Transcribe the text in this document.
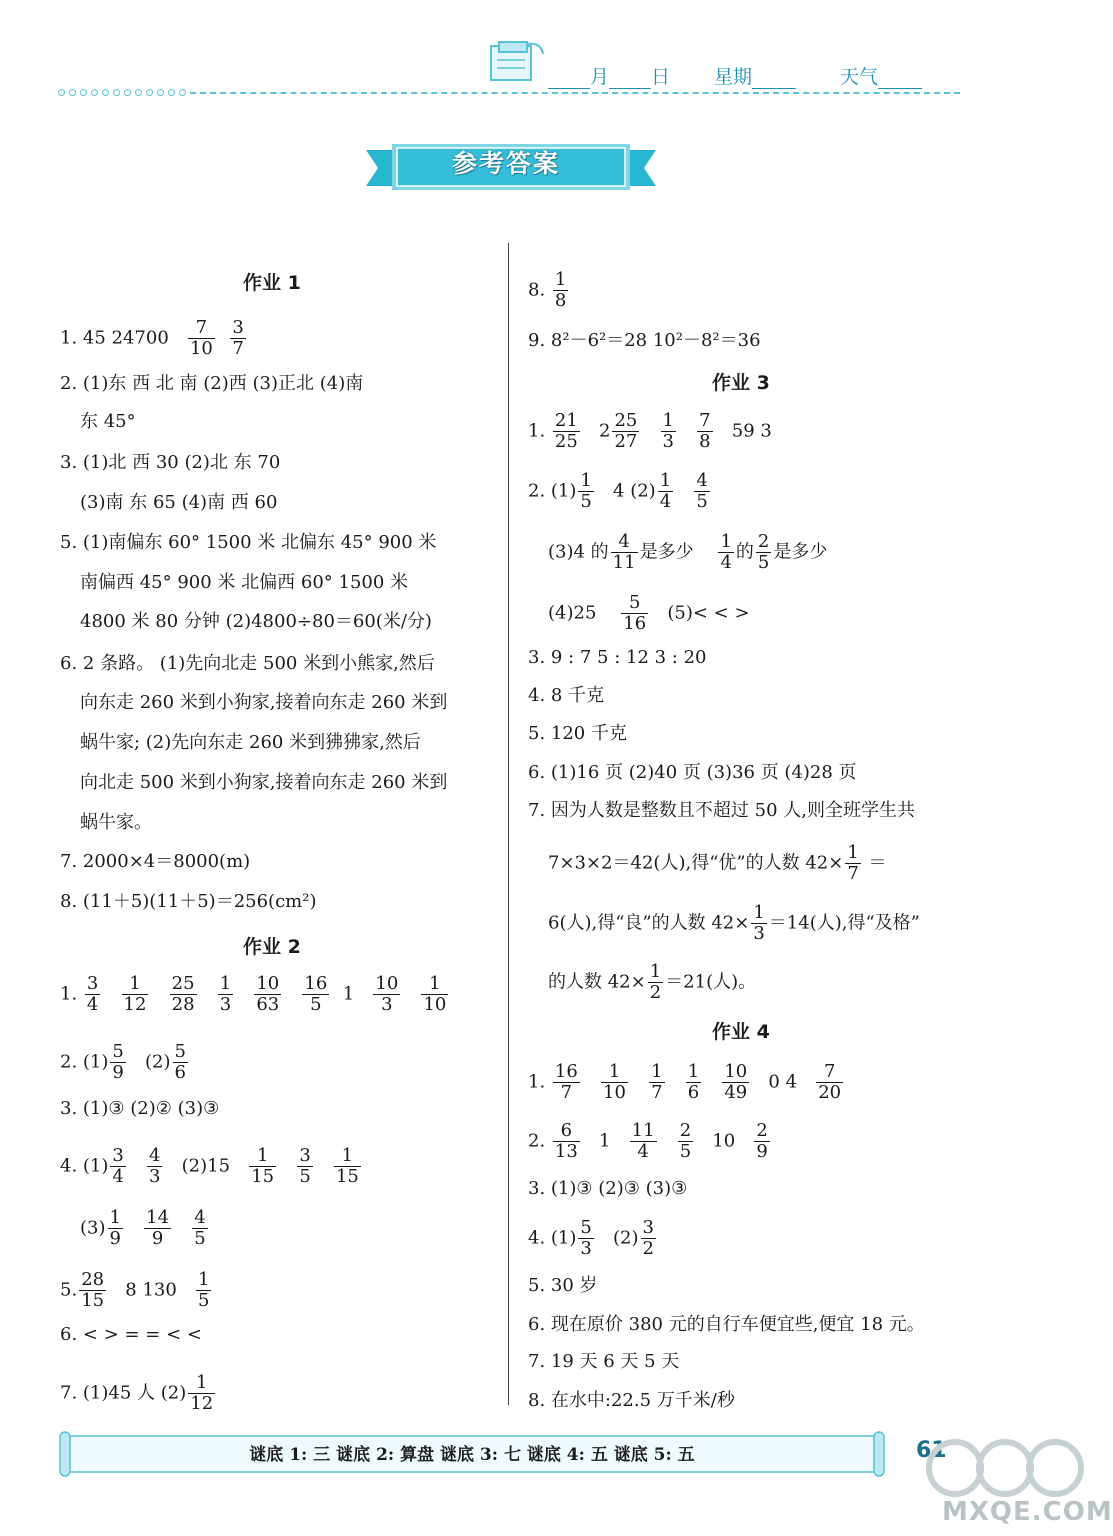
月 日 星期	天气
参考答案
作业 1
1. 45 $24700 \frac{7}{10}$
$\frac{3}{7}$
2. (1)东 西 北 南 (2)西 (3)正北 (4)南
东 45°
3. (1)北 西 30 (2)北 东 70
(3)南 东 65 (4)南 西 60
5. (1)南偏东 60° 1500 米 北偏东 45° 900 米
南偏西 45° 900 米 北偏西 60° 1500 米
4800 米 80 分钟 (2)4800÷80＝60(米/分)
6. 2 条路。 (1)先向北走 500 米到小熊家,然后
向东走 260 米到小狗家,接着向东走 260 米到
蜗牛家; (2)先向东走 260 米到狒狒家,然后
向北走 500 米到小狗家,接着向东走 260 米到
蜗牛家。
7. 2000×4＝8000(m)
8. (11＋5)(11＋5)＝256(cm²)
作业 2
1. $\frac{3}{4}$
$\frac{1}{12}$
$\frac{25}{28}$
$\frac{1}{3}$
$\frac{10}{63}$
$\frac{16}{5} 1 \frac{10}{3}$
$\frac{1}{10}$
2. $(1) \frac{5}{9} (2) \frac{5}{6}$
3. (1)③ (2)② (3)③
4. $(1) \frac{3}{4}$
$\frac{4}{3} (2)15 \frac{1}{15}$
$\frac{3}{5}$
$\frac{1}{15}$
$(3) \frac{1}{9}$
$\frac{14}{9}$
$\frac{4}{5}$
5. $\frac{28}{15} 8$ $130 \frac{1}{5}$
6. < > = = < <
7. (1)45 人 $(2) \frac{1}{12}$
8. $\frac{1}{8}$
9. 8²－6²＝28 10²－8²＝36
作业 3
1. $\frac{21}{25} 2 \frac{25}{27}$
$\frac{1}{3}$
$\frac{7}{8} 59$ 3
2. $(1) \frac{1}{5} 4$ $(2) \frac{1}{4}$
$\frac{4}{5}$
(3)4 的 $\frac{4}{11}$ 是多少 $\frac{1}{4}$ 的 $\frac{2}{5}$ 是多少
$(4)25 \frac{5}{16} (5)<$ < >
3. 9 : 7 5 : 12 3 : 20
4. 8 千克
5. 120 千克
6. (1)16 页 (2)40 页 (3)36 页 (4)28 页
7. 因为人数是整数且不超过 50 人,则全班学生共
7×3×2＝42(人),得“优”的人数 $42\times \frac{1}{7}$ ＝
6(人),得“良”的人数 $42\times \frac{1}{3} =14$(人),得“及格”
的人数 $42\times \frac{1}{2} =21$(人)。
作业 4
1. $\frac{16}{7}$
$\frac{1}{10}$
$\frac{1}{7}$
$\frac{1}{6}$
$\frac{10}{49} 0$ $4 \frac{7}{20}$
2. $\frac{6}{13} 1 \frac{11}{4}$
$\frac{2}{5} 10 \frac{2}{9}$
3. (1)③ (2)③ (3)③
4. $(1) \frac{5}{3} (2) \frac{3}{2}$
5. 30 岁
6. 现在原价 380 元的自行车便宜些,便宜 18 元。
7. 19 天 6 天 5 天
8. 在水中:22.5 万千米/秒
谜底 1: 三 谜底 2: 算盘 谜底 3: 七 谜底 4: 五 谜底 5: 五	61
MXQE.COM
